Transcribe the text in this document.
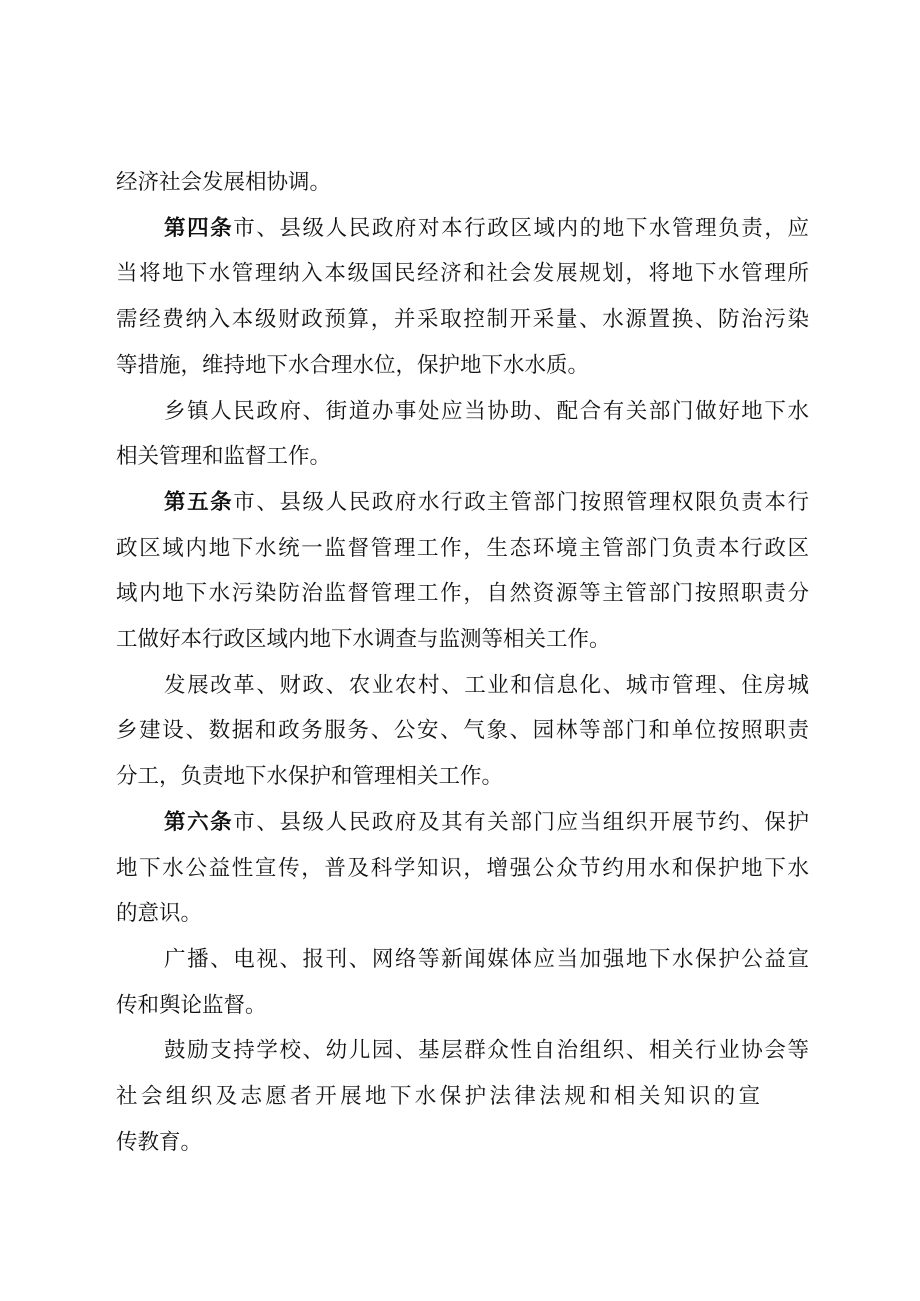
经济社会发展相协调。
第四条市、县级人民政府对本行政区域内的地下水管理负责，应
当将地下水管理纳入本级国民经济和社会发展规划，将地下水管理所
需经费纳入本级财政预算，并采取控制开采量、水源置换、防治污染
等措施，维持地下水合理水位，保护地下水水质。
乡镇人民政府、街道办事处应当协助、配合有关部门做好地下水
相关管理和监督工作。
第五条市、县级人民政府水行政主管部门按照管理权限负责本行
政区域内地下水统一监督管理工作，生态环境主管部门负责本行政区
域内地下水污染防治监督管理工作，自然资源等主管部门按照职责分
工做好本行政区域内地下水调查与监测等相关工作。
发展改革、财政、农业农村、工业和信息化、城市管理、住房城
乡建设、数据和政务服务、公安、气象、园林等部门和单位按照职责
分工，负责地下水保护和管理相关工作。
第六条市、县级人民政府及其有关部门应当组织开展节约、保护
地下水公益性宣传，普及科学知识，增强公众节约用水和保护地下水
的意识。
广播、电视、报刊、网络等新闻媒体应当加强地下水保护公益宣
传和舆论监督。
鼓励支持学校、幼儿园、基层群众性自治组织、相关行业协会等
社会组织及志愿者开展地下水保护法律法规和相关知识的宣
传教育。
